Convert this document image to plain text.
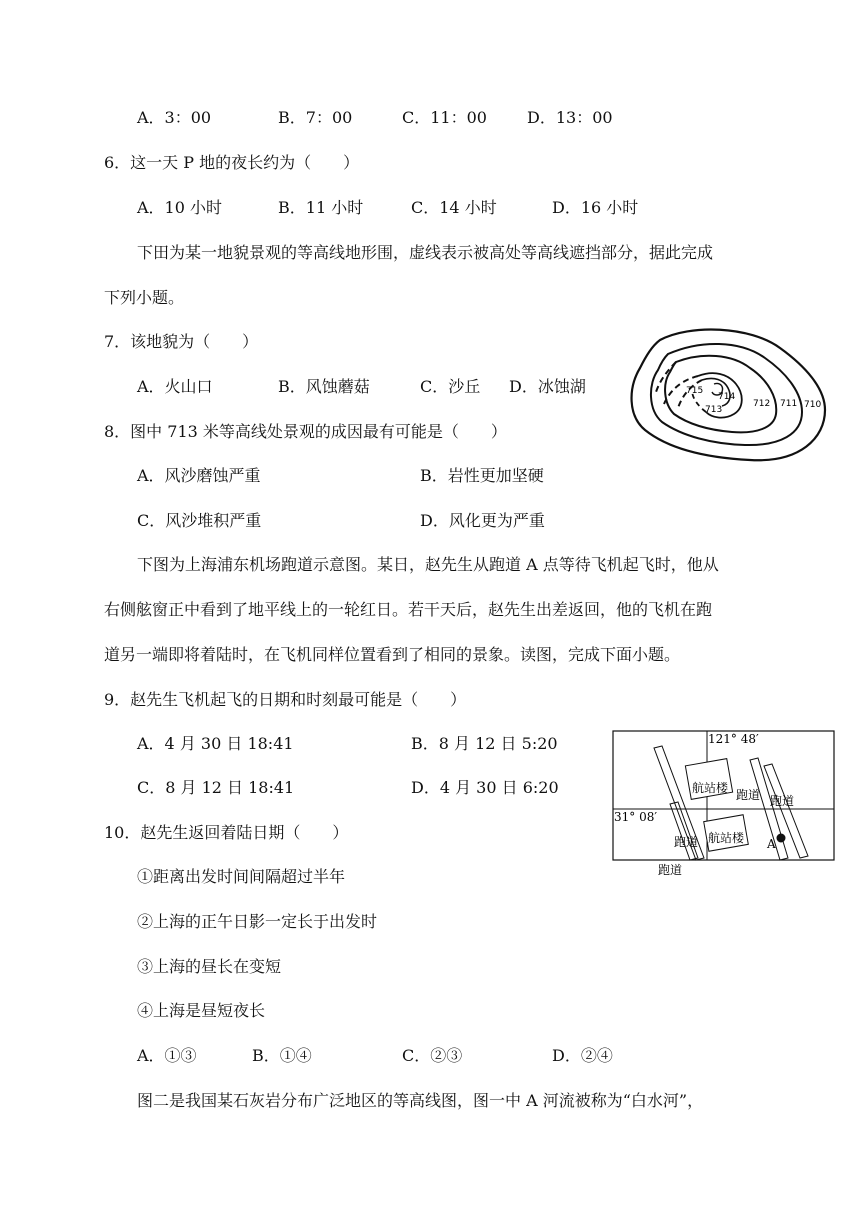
A．3：00	B．7：00	C．11：00	D．13：00
6．这一天 P 地的夜长约为（　　）
A．10 小时	B．11 小时	C．14 小时	D．16 小时
下田为某一地貌景观的等高线地形围，虚线表示被高处等高线遮挡部分，据此完成
下列小题。
7．该地貌为（　　）
A．火山口	B．风蚀蘑菇	C．沙丘 D．冰蚀湖	715
714
713
712 711 710
8．图中 713 米等高线处景观的成因最有可能是（　　）
A．风沙磨蚀严重	B．岩性更加坚硬
C．风沙堆积严重	D．风化更为严重
下图为上海浦东机场跑道示意图。某日，赵先生从跑道 A 点等待飞机起飞时，他从
右侧舷窗正中看到了地平线上的一轮红日。若干天后，赵先生出差返回，他的飞机在跑
道另一端即将着陆时，在飞机同样位置看到了相同的景象。读图，完成下面小题。
9．赵先生飞机起飞的日期和时刻最可能是（　　）
A．4 月 30 日 18:41	B．8 月 12 日 5:20
C．8 月 12 日 18:41	D．4 月 30 日 6:20
121° 48′
31° 08′
航站楼
航站楼
跑道 跑道
跑道
跑道
A
10．赵先生返回着陆日期（　　）
①距离出发时间间隔超过半年
②上海的正午日影一定长于出发时
③上海的昼长在变短
④上海是昼短夜长
A．①③	B．①④	C．②③	D．②④
图二是我国某石灰岩分布广泛地区的等高线图，图一中 A 河流被称为“白水河”，
